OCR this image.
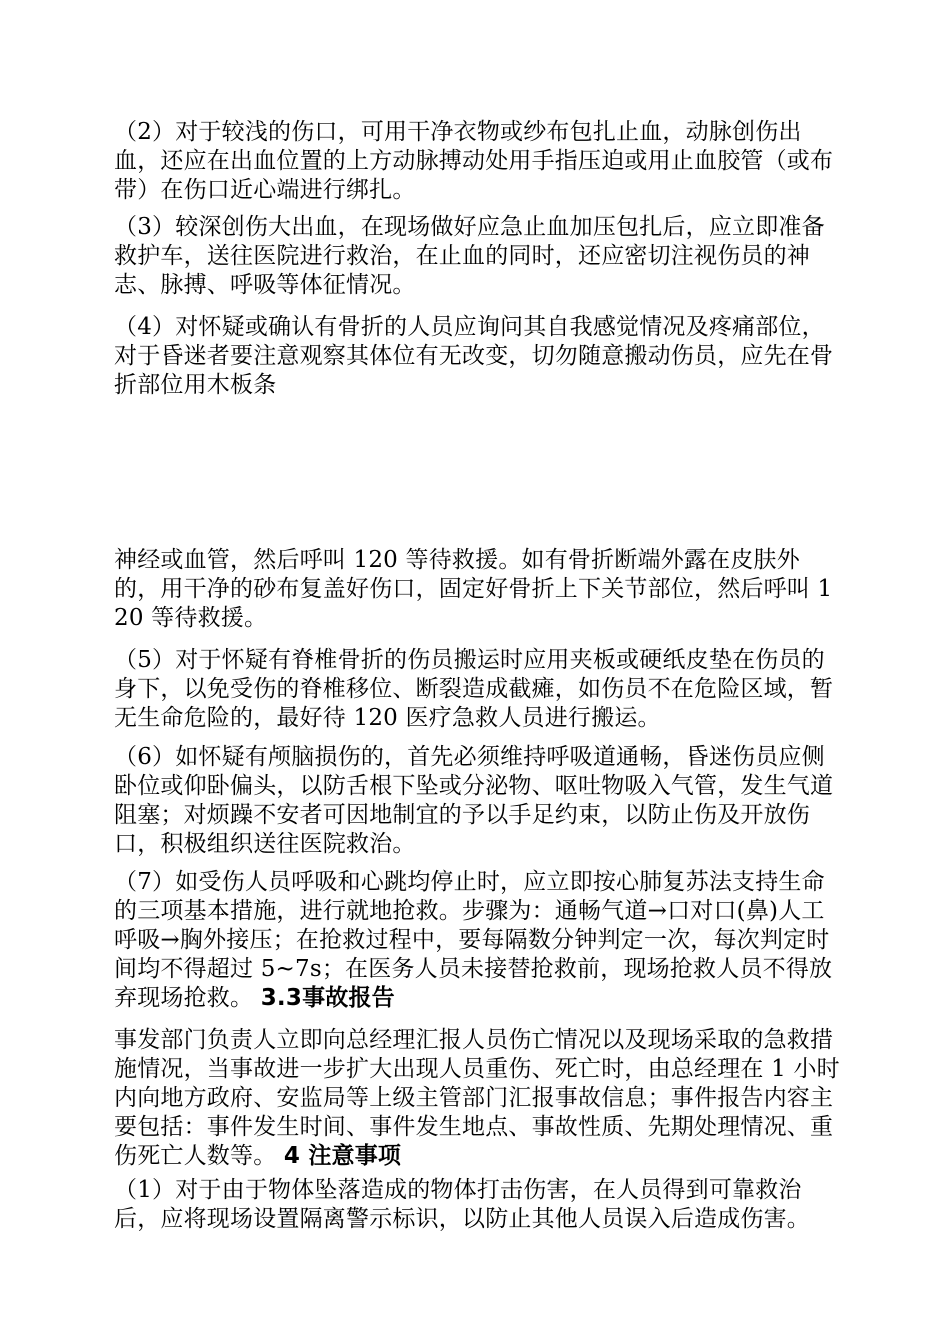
（2）对于较浅的伤口，可用干净衣物或纱布包扎止血，动脉创伤出血，还应在出血位置的上方动脉搏动处用手指压迫或用止血胶管（或布带）在伤口近心端进行绑扎。

（3）较深创伤大出血，在现场做好应急止血加压包扎后，应立即准备救护车，送往医院进行救治，在止血的同时，还应密切注视伤员的神志、脉搏、呼吸等体征情况。

（4）对怀疑或确认有骨折的人员应询问其自我感觉情况及疼痛部位，对于昏迷者要注意观察其体位有无改变，切勿随意搬动伤员，应先在骨折部位用木板条

神经或血管，然后呼叫 120 等待救援。如有骨折断端外露在皮肤外的，用干净的砂布复盖好伤口，固定好骨折上下关节部位，然后呼叫 120 等待救援。

（5）对于怀疑有脊椎骨折的伤员搬运时应用夹板或硬纸皮垫在伤员的身下，以免受伤的脊椎移位、断裂造成截瘫，如伤员不在危险区域，暂无生命危险的，最好待 120 医疗急救人员进行搬运。

（6）如怀疑有颅脑损伤的，首先必须维持呼吸道通畅，昏迷伤员应侧卧位或仰卧偏头，以防舌根下坠或分泌物、呕吐物吸入气管，发生气道阻塞；对烦躁不安者可因地制宜的予以手足约束，以防止伤及开放伤口，积极组织送往医院救治。

（7）如受伤人员呼吸和心跳均停止时，应立即按心肺复苏法支持生命的三项基本措施，进行就地抢救。步骤为：通畅气道→口对口(鼻)人工呼吸→胸外接压；在抢救过程中，要每隔数分钟判定一次，每次判定时间均不得超过 5~7s；在医务人员未接替抢救前，现场抢救人员不得放弃现场抢救。 3.3事故报告

事发部门负责人立即向总经理汇报人员伤亡情况以及现场采取的急救措施情况，当事故进一步扩大出现人员重伤、死亡时，由总经理在 1 小时内向地方政府、安监局等上级主管部门汇报事故信息；事件报告内容主要包括：事件发生时间、事件发生地点、事故性质、先期处理情况、重伤死亡人数等。 4 注意事项

（1）对于由于物体坠落造成的物体打击伤害，在人员得到可靠救治后，应将现场设置隔离警示标识，以防止其他人员误入后造成伤害。
